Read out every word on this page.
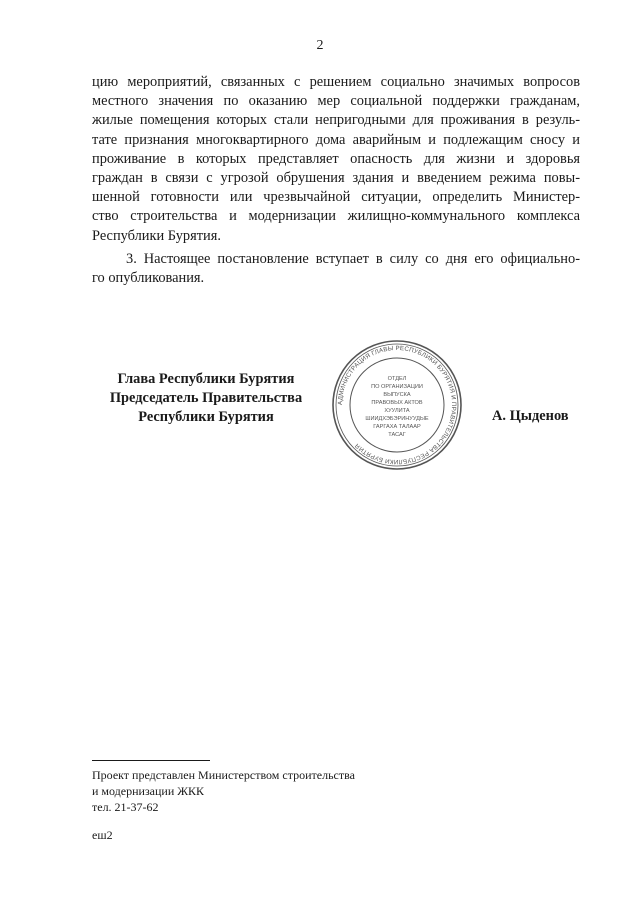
2
цию мероприятий, связанных с решением социально значимых вопросов
местного значения по оказанию мер социальной поддержки гражданам,
жилые помещения которых стали непригодными для проживания в резуль-
тате признания многоквартирного дома аварийным и подлежащим сносу и
проживание в которых представляет опасность для жизни и здоровья
граждан в связи с угрозой обрушения здания и введением режима повы-
шенной готовности или чрезвычайной ситуации, определить Министер-
ство строительства и модернизации жилищно-коммунального комплекса
Республики Бурятия.
3. Настоящее постановление вступает в силу со дня его официально-
го опубликования.
Глава Республики Бурятия
Председатель Правительства
Республики Бурятия
АДМИНИСТРАЦИЯ ГЛАВЫ РЕСПУБЛИКИ БУРЯТИЯ И ПРАВИТЕЛЬСТВА РЕСПУБЛИКИ БУРЯТИЯ
ОТДЕЛ
ПО ОРГАНИЗАЦИИ
ВЫПУСКА
ПРАВОВЫХ АКТОВ
ХУУЛИТА
ШИИДХЭБЭРИНУУДЫЕ
ГАРГАХА ТАЛААР
ТАСАГ
А. Цыденов
Проект представлен Министерством строительства
и модернизации ЖКК
тел. 21-37-62
еш2
